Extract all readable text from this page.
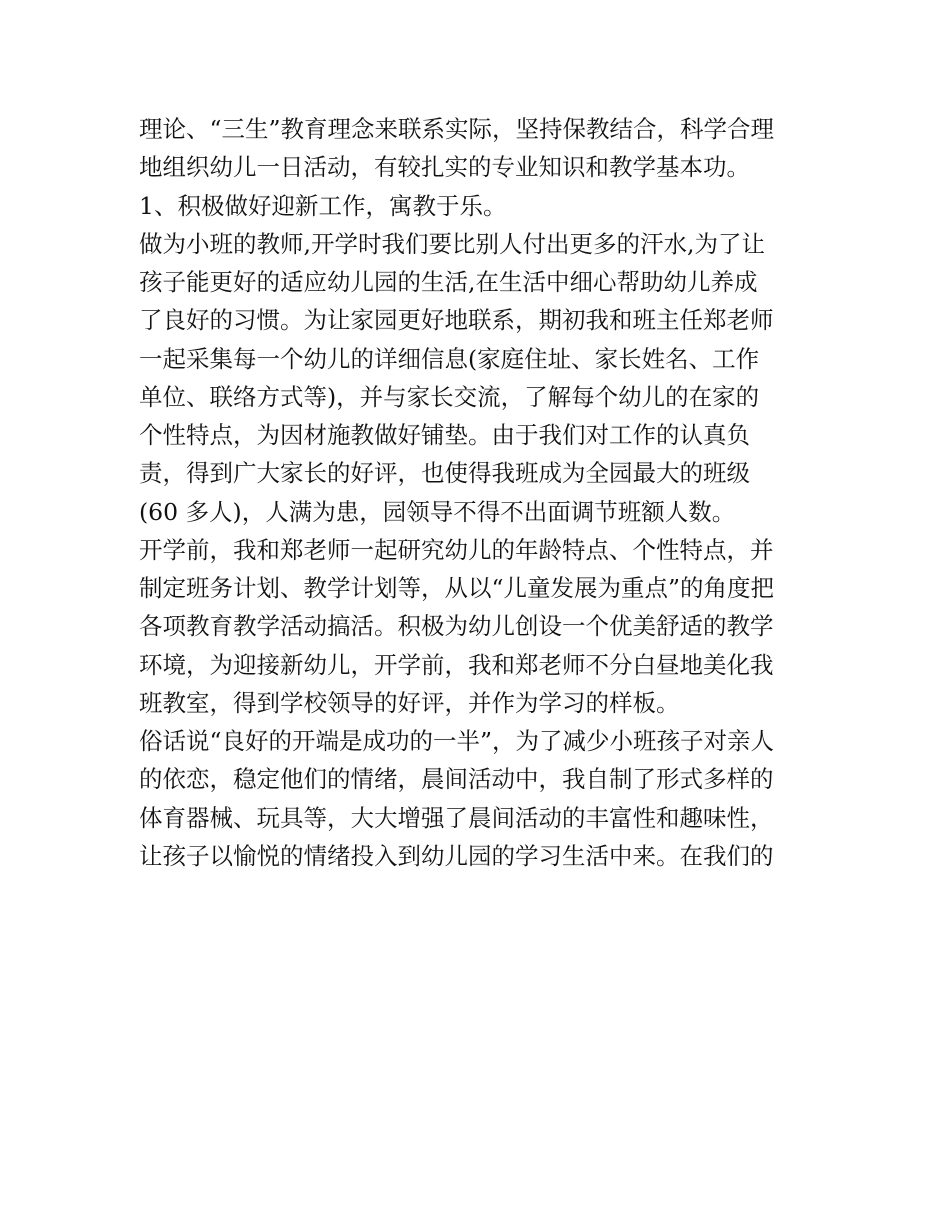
理论、“三生”教育理念来联系实际，坚持保教结合，科学合理
地组织幼儿一日活动，有较扎实的专业知识和教学基本功。
1、积极做好迎新工作，寓教于乐。
做为小班的教师,开学时我们要比别人付出更多的汗水,为了让
孩子能更好的适应幼儿园的生活,在生活中细心帮助幼儿养成
了良好的习惯。为让家园更好地联系，期初我和班主任郑老师
一起采集每一个幼儿的详细信息(家庭住址、家长姓名、工作
单位、联络方式等)，并与家长交流，了解每个幼儿的在家的
个性特点，为因材施教做好铺垫。由于我们对工作的认真负
责，得到广大家长的好评，也使得我班成为全园最大的班级
(60 多人)，人满为患，园领导不得不出面调节班额人数。
开学前，我和郑老师一起研究幼儿的年龄特点、个性特点，并
制定班务计划、教学计划等，从以“儿童发展为重点”的角度把
各项教育教学活动搞活。积极为幼儿创设一个优美舒适的教学
环境，为迎接新幼儿，开学前，我和郑老师不分白昼地美化我
班教室，得到学校领导的好评，并作为学习的样板。
俗话说“良好的开端是成功的一半”，为了减少小班孩子对亲人
的依恋，稳定他们的情绪，晨间活动中，我自制了形式多样的
体育器械、玩具等，大大增强了晨间活动的丰富性和趣味性，
让孩子以愉悦的情绪投入到幼儿园的学习生活中来。在我们的
